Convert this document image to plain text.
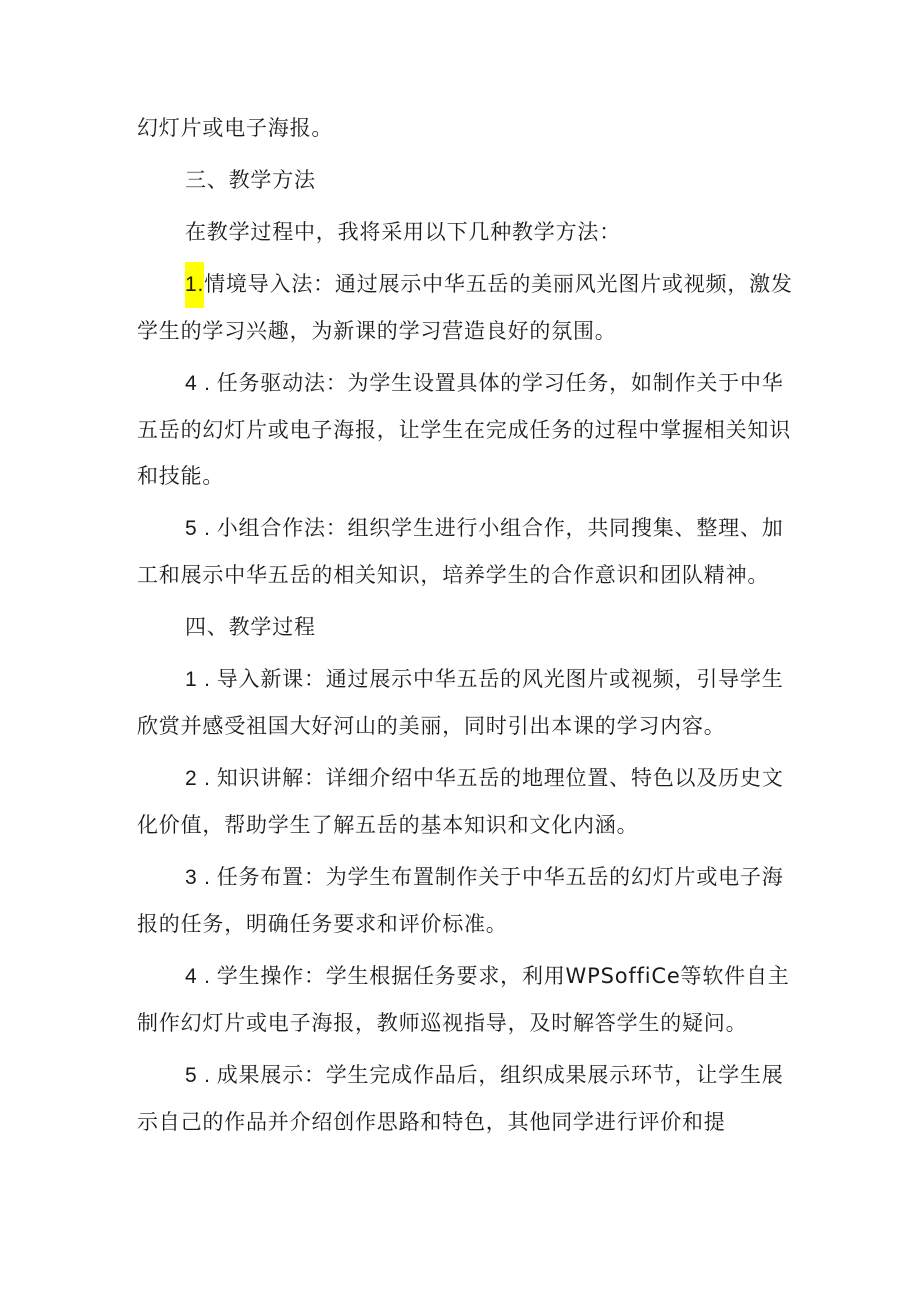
幻灯片或电子海报。

三、教学方法

在教学过程中，我将采用以下几种教学方法：

1.情境导入法：通过展示中华五岳的美丽风光图片或视频，激发学生的学习兴趣，为新课的学习营造良好的氛围。

4 . 任务驱动法：为学生设置具体的学习任务，如制作关于中华五岳的幻灯片或电子海报，让学生在完成任务的过程中掌握相关知识和技能。

5 . 小组合作法：组织学生进行小组合作，共同搜集、整理、加工和展示中华五岳的相关知识，培养学生的合作意识和团队精神。

四、教学过程

1 . 导入新课：通过展示中华五岳的风光图片或视频，引导学生欣赏并感受祖国大好河山的美丽，同时引出本课的学习内容。

2 . 知识讲解：详细介绍中华五岳的地理位置、特色以及历史文化价值，帮助学生了解五岳的基本知识和文化内涵。

3 . 任务布置：为学生布置制作关于中华五岳的幻灯片或电子海报的任务，明确任务要求和评价标准。

4 . 学生操作：学生根据任务要求，利用WPSoffiCe等软件自主制作幻灯片或电子海报，教师巡视指导，及时解答学生的疑问。

5 . 成果展示：学生完成作品后，组织成果展示环节，让学生展示自己的作品并介绍创作思路和特色，其他同学进行评价和提
